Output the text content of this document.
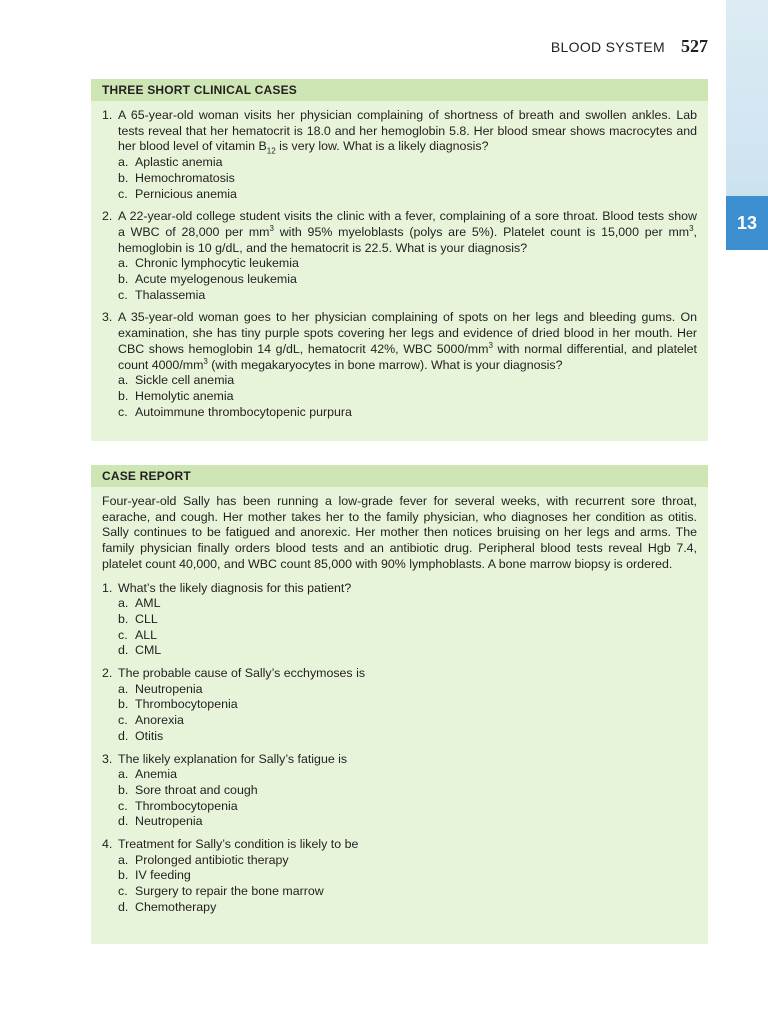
13
BLOOD SYSTEM 527
THREE SHORT CLINICAL CASES
1. A 65-year-old woman visits her physician complaining of shortness of breath and swollen ankles. Lab tests reveal that her hematocrit is 18.0 and her hemoglobin 5.8. Her blood smear shows macrocytes and her blood level of vitamin $B_{12}$ is very low. What is a likely diagnosis?
a. Aplastic anemia
b. Hemochromatosis
c. Pernicious anemia
2. A 22-year-old college student visits the clinic with a fever, complaining of a sore throat. Blood tests show a WBC of 28,000 per $mm^3$ with 95% myeloblasts (polys are 5%). Platelet count is 15,000 per $mm^3$, hemoglobin is 10 g/dL, and the hematocrit is 22.5. What is your diagnosis?
a. Chronic lymphocytic leukemia
b. Acute myelogenous leukemia
c. Thalassemia
3. A 35-year-old woman goes to her physician complaining of spots on her legs and bleeding gums. On examination, she has tiny purple spots covering her legs and evidence of dried blood in her mouth. Her CBC shows hemoglobin 14 g/dL, hematocrit 42%, WBC $5000/mm^3$ with normal differential, and platelet count $4000/mm^3$ (with megakaryocytes in bone marrow). What is your diagnosis?
a. Sickle cell anemia
b. Hemolytic anemia
c. Autoimmune thrombocytopenic purpura
CASE REPORT
Four-year-old Sally has been running a low-grade fever for several weeks, with recurrent sore throat, earache, and cough. Her mother takes her to the family physician, who diagnoses her condition as otitis. Sally continues to be fatigued and anorexic. Her mother then notices bruising on her legs and arms. The family physician finally orders blood tests and an antibiotic drug. Peripheral blood tests reveal Hgb 7.4, platelet count 40,000, and WBC count 85,000 with 90% lymphoblasts. A bone marrow biopsy is ordered.
1. What’s the likely diagnosis for this patient?
a. AML
b. CLL
c. ALL
d. CML
2. The probable cause of Sally’s ecchymoses is
a. Neutropenia
b. Thrombocytopenia
c. Anorexia
d. Otitis
3. The likely explanation for Sally’s fatigue is
a. Anemia
b. Sore throat and cough
c. Thrombocytopenia
d. Neutropenia
4. Treatment for Sally’s condition is likely to be
a. Prolonged antibiotic therapy
b. IV feeding
c. Surgery to repair the bone marrow
d. Chemotherapy
